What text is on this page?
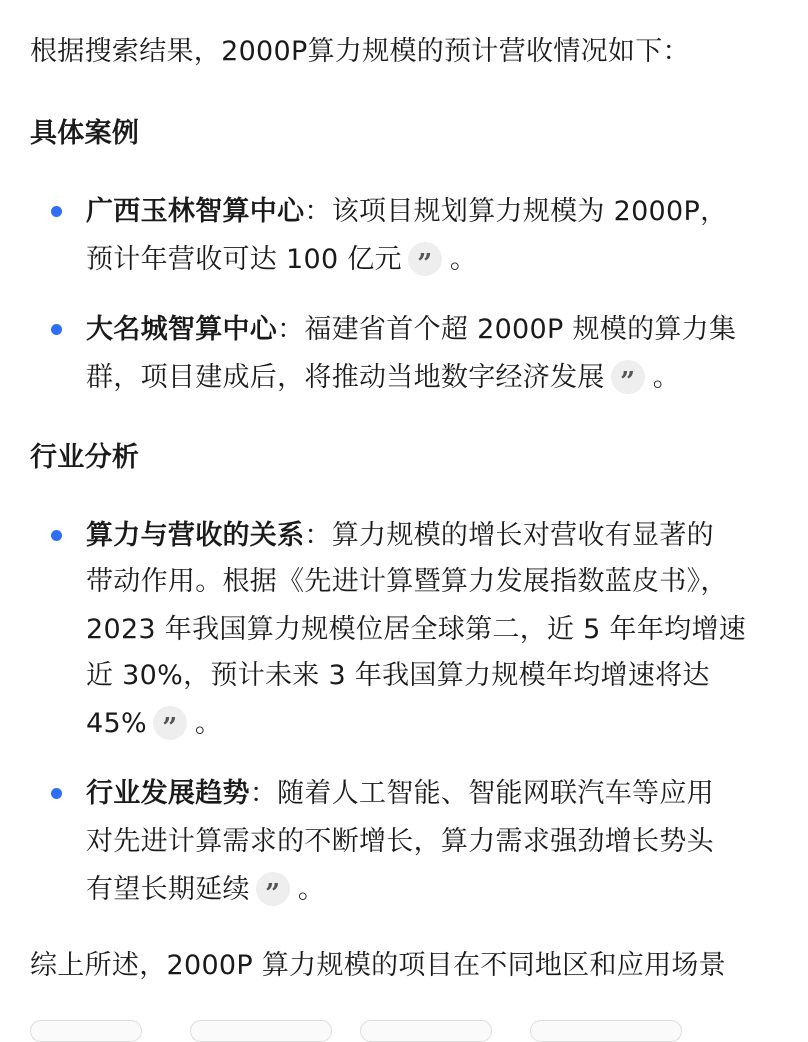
根据搜索结果，2000P算力规模的预计营收情况如下：
具体案例
广西玉林智算中心：该项目规划算力规模为 2000P，
预计年营收可达 100 亿元 ” 。
大名城智算中心：福建省首个超 2000P 规模的算力集
群，项目建成后，将推动当地数字经济发展 ” 。
行业分析
算力与营收的关系：算力规模的增长对营收有显著的
带动作用。根据《先进计算暨算力发展指数蓝皮书》，
2023 年我国算力规模位居全球第二，近 5 年年均增速
近 30%，预计未来 3 年我国算力规模年均增速将达
45% ” 。
行业发展趋势：随着人工智能、智能网联汽车等应用
对先进计算需求的不断增长，算力需求强劲增长势头
有望长期延续 ” 。
综上所述，2000P 算力规模的项目在不同地区和应用场景
